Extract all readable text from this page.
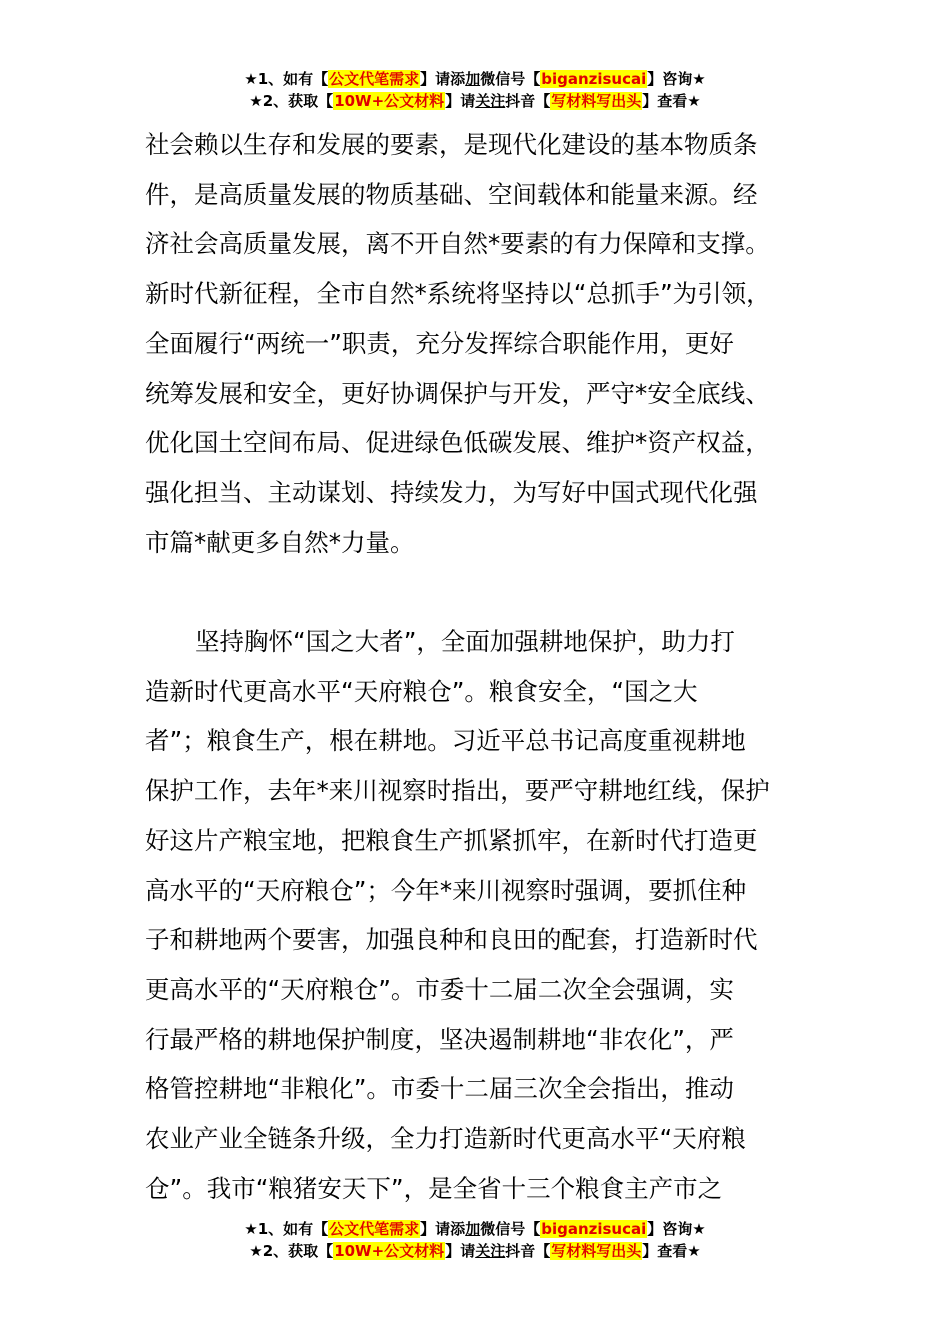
★1、如有【公文代笔需求】请添加微信号【biganzisucai】咨询★
★2、获取【10W+公文材料】请关注抖音【写材料写出头】查看★
社会赖以生存和发展的要素，是现代化建设的基本物质条
件，是高质量发展的物质基础、空间载体和能量来源。经
济社会高质量发展，离不开自然*要素的有力保障和支撑。
新时代新征程，全市自然*系统将坚持以“总抓手”为引领，
全面履行“两统一”职责，充分发挥综合职能作用，更好
统筹发展和安全，更好协调保护与开发，严守*安全底线、
优化国土空间布局、促进绿色低碳发展、维护*资产权益，
强化担当、主动谋划、持续发力，为写好中国式现代化强
市篇*献更多自然*力量。
坚持胸怀“国之大者”，全面加强耕地保护，助力打
造新时代更高水平“天府粮仓”。粮食安全，“国之大
者”；粮食生产，根在耕地。习近平总书记高度重视耕地
保护工作，去年*来川视察时指出，要严守耕地红线，保护
好这片产粮宝地，把粮食生产抓紧抓牢，在新时代打造更
高水平的“天府粮仓”；今年*来川视察时强调，要抓住种
子和耕地两个要害，加强良种和良田的配套，打造新时代
更高水平的“天府粮仓”。市委十二届二次全会强调，实
行最严格的耕地保护制度，坚决遏制耕地“非农化”，严
格管控耕地“非粮化”。市委十二届三次全会指出，推动
农业产业全链条升级，全力打造新时代更高水平“天府粮
仓”。我市“粮猪安天下”，是全省十三个粮食主产市之
★1、如有【公文代笔需求】请添加微信号【biganzisucai】咨询★
★2、获取【10W+公文材料】请关注抖音【写材料写出头】查看★
